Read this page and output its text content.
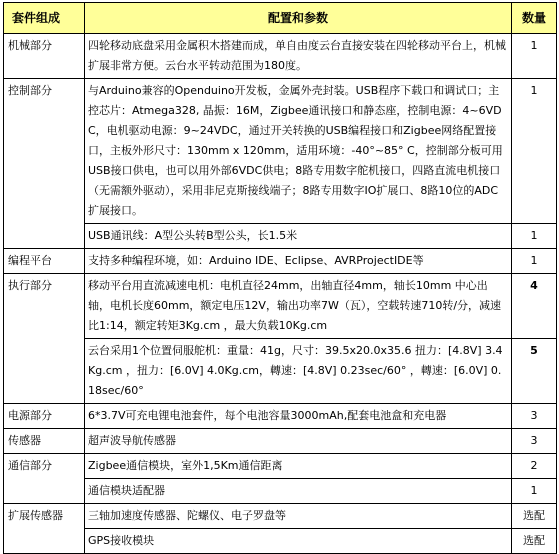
套件组成	配置和参数	数量
机械部分	四轮移动底盘采用金属积木搭建而成，单自由度云台直接安装在四轮移动平台上，机械扩展非常方便。云台水平转动范围为180度。	1
控制部分	与Arduino兼容的Openduino开发板，金属外壳封装。USB程序下载口和调试口；主控芯片：Atmega328, 晶振：16M，Zigbee通讯接口和静态座，控制电源：4~6VDC，电机驱动电源：9~24VDC，通过开关转换的USB编程接口和Zigbee网络配置接口，主板外形尺寸：130mm x 120mm，适用环境：-40°~85° C，控制部分板可用USB接口供电，也可以用外部6VDC供电；8路专用数字舵机接口，四路直流电机接口（无需额外驱动），采用非尼克斯接线端子；8路专用数字IO扩展口、8路10位的ADC扩展接口。	1
	USB通讯线：A型公头转B型公头，长1.5米	1
编程平台	支持多种编程环境，如：Arduino IDE、Eclipse、AVRProjectIDE等	1
执行部分	移动平台用直流减速电机：电机直径24mm，出轴直径4mm，轴长10mm 中心出轴，电机长度60mm，额定电压12V，输出功率7W（瓦），空载转速710转/分，减速比1:14，额定转矩3Kg.cm ，最大负载10Kg.cm	4
	云台采用1个位置伺服舵机：重量：41g，尺寸：39.5x20.0x35.6 扭力：[4.8V] 3.4Kg.cm ，扭力：[6.0V] 4.0Kg.cm，轉速：[4.8V] 0.23sec/60° ，轉速：[6.0V] 0.18sec/60°	5
电源部分	6*3.7V可充电锂电池套件，每个电池容量3000mAh,配套电池盒和充电器	3
传感器	超声波导航传感器	3
通信部分	Zigbee通信模块，室外1,5Km通信距离	2
	通信模块适配器	1
扩展传感器	三轴加速度传感器、陀螺仪、电子罗盘等	选配
	GPS接收模块	选配
